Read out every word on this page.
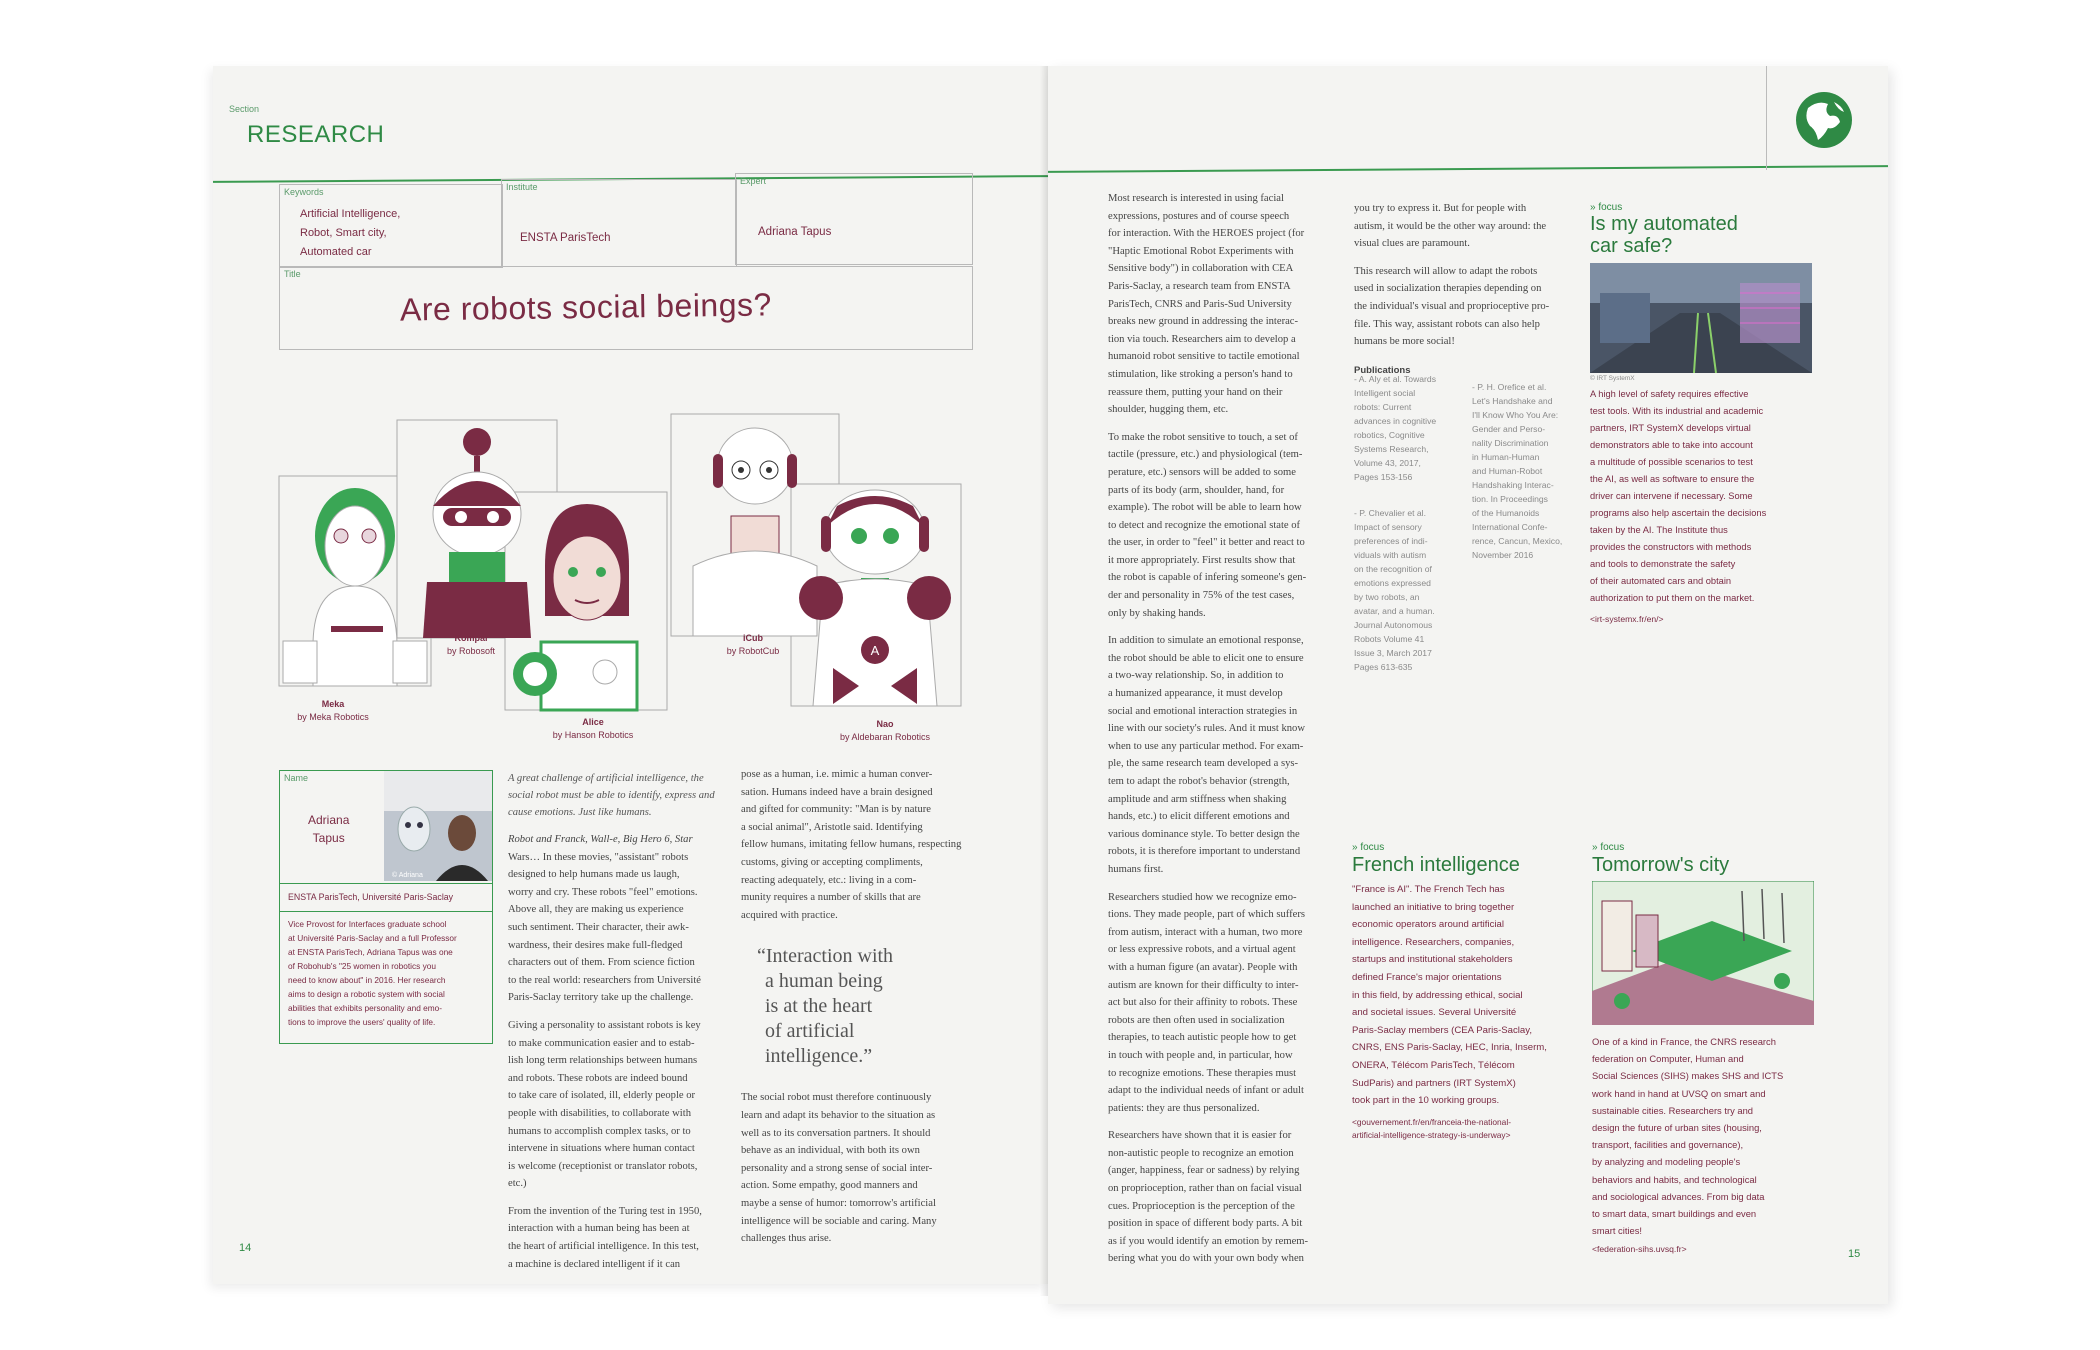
Section
RESEARCH
Keywords
Artificial Intelligence,
Robot, Smart city,
Automated car
Institute
ENSTA ParisTech
Expert
Adriana Tapus
Title
Are robots social beings?
A
Meka
by Meka Robotics
Kompai
by Robosoft
Alice
by Hanson Robotics
iCub
by RobotCub
Nao
by Aldebaran Robotics
Name
Adriana
Tapus
© Adriana
ENSTA ParisTech, Université Paris-Saclay
Vice Provost for Interfaces graduate school
at Université Paris-Saclay and a full Professor
at ENSTA ParisTech, Adriana Tapus was one
of Robohub's "25 women in robotics you
need to know about" in 2016. Her research
aims to design a robotic system with social
abilities that exhibits personality and emo-
tions to improve the users' quality of life.
A great challenge of artificial intelligence, the
social robot must be able to identify, express and
cause emotions. Just like humans.
Robot and Franck, Wall-e, Big Hero 6, Star
Wars… In these movies, "assistant" robots
designed to help humans made us laugh,
worry and cry. These robots "feel" emotions.
Above all, they are making us experience
such sentiment. Their character, their awk-
wardness, their desires make full-fledged
characters out of them. From science fiction
to the real world: researchers from Université
Paris-Saclay territory take up the challenge.
Giving a personality to assistant robots is key
to make communication easier and to estab-
lish long term relationships between humans
and robots. These robots are indeed bound
to take care of isolated, ill, elderly people or
people with disabilities, to collaborate with
humans to accomplish complex tasks, or to
intervene in situations where human contact
is welcome (receptionist or translator robots,
etc.)
From the invention of the Turing test in 1950,
interaction with a human being has been at
the heart of artificial intelligence. In this test,
a machine is declared intelligent if it can
pose as a human, i.e. mimic a human conver-
sation. Humans indeed have a brain designed
and gifted for community: "Man is by nature
a social animal", Aristotle said. Identifying
fellow humans, imitating fellow humans, respecting
customs, giving or accepting compliments,
reacting adequately, etc.: living in a com-
munity requires a number of skills that are
acquired with practice.
“Interaction with
a human being
is at the heart
of artificial
intelligence.”
The social robot must therefore continuously
learn and adapt its behavior to the situation as
well as to its conversation partners. It should
behave as an individual, with both its own
personality and a strong sense of social inter-
action. Some empathy, good manners and
maybe a sense of humor: tomorrow's artificial
intelligence will be sociable and caring. Many
challenges thus arise.
14
Most research is interested in using facial
expressions, postures and of course speech
for interaction. With the HEROES project (for
"Haptic Emotional Robot Experiments with
Sensitive body") in collaboration with CEA
Paris-Saclay, a research team from ENSTA
ParisTech, CNRS and Paris-Sud University
breaks new ground in addressing the interac-
tion via touch. Researchers aim to develop a
humanoid robot sensitive to tactile emotional
stimulation, like stroking a person's hand to
reassure them, putting your hand on their
shoulder, hugging them, etc.
To make the robot sensitive to touch, a set of
tactile (pressure, etc.) and physiological (tem-
perature, etc.) sensors will be added to some
parts of its body (arm, shoulder, hand, for
example). The robot will be able to learn how
to detect and recognize the emotional state of
the user, in order to "feel" it better and react to
it more appropriately. First results show that
the robot is capable of infering someone's gen-
der and personality in 75% of the test cases,
only by shaking hands.
In addition to simulate an emotional response,
the robot should be able to elicit one to ensure
a two-way relationship. So, in addition to
a humanized appearance, it must develop
social and emotional interaction strategies in
line with our society's rules. And it must know
when to use any particular method. For exam-
ple, the same research team developed a sys-
tem to adapt the robot's behavior (strength,
amplitude and arm stiffness when shaking
hands, etc.) to elicit different emotions and
various dominance style. To better design the
robots, it is therefore important to understand
humans first.
Researchers studied how we recognize emo-
tions. They made people, part of which suffers
from autism, interact with a human, two more
or less expressive robots, and a virtual agent
with a human figure (an avatar). People with
autism are known for their difficulty to inter-
act but also for their affinity to robots. These
robots are then often used in socialization
therapies, to teach autistic people how to get
in touch with people and, in particular, how
to recognize emotions. These therapies must
adapt to the individual needs of infant or adult
patients: they are thus personalized.
Researchers have shown that it is easier for
non-autistic people to recognize an emotion
(anger, happiness, fear or sadness) by relying
on proprioception, rather than on facial visual
cues. Proprioception is the perception of the
position in space of different body parts. A bit
as if you would identify an emotion by remem-
bering what you do with your own body when
you try to express it. But for people with
autism, it would be the other way around: the
visual clues are paramount.
This research will allow to adapt the robots
used in socialization therapies depending on
the individual's visual and proprioceptive pro-
file. This way, assistant robots can also help
humans be more social!
Publications
- A. Aly et al. Towards
Intelligent social
robots: Current
advances in cognitive
robotics, Cognitive
Systems Research,
Volume 43, 2017,
Pages 153-156
- P. Chevalier et al.
Impact of sensory
preferences of indi-
viduals with autism
on the recognition of
emotions expressed
by two robots, an
avatar, and a human.
Journal Autonomous
Robots Volume 41
Issue 3, March 2017
Pages 613-635
- P. H. Orefice et al.
Let's Handshake and
I'll Know Who You Are:
Gender and Perso-
nality Discrimination
in Human-Human
and Human-Robot
Handshaking Interac-
tion. In Proceedings
of the Humanoids
International Confe-
rence, Cancun, Mexico,
November 2016
» focus
Is my automated
car safe?
© IRT SystemX
A high level of safety requires effective
test tools. With its industrial and academic
partners, IRT SystemX develops virtual
demonstrators able to take into account
a multitude of possible scenarios to test
the AI, as well as software to ensure the
driver can intervene if necessary. Some
programs also help ascertain the decisions
taken by the AI. The Institute thus
provides the constructors with methods
and tools to demonstrate the safety
of their automated cars and obtain
authorization to put them on the market.
<irt-systemx.fr/en/>
» focus
French intelligence
"France is AI". The French Tech has
launched an initiative to bring together
economic operators around artificial
intelligence. Researchers, companies,
startups and institutional stakeholders
defined France's major orientations
in this field, by addressing ethical, social
and societal issues. Several Université
Paris-Saclay members (CEA Paris-Saclay,
CNRS, ENS Paris-Saclay, HEC, Inria, Inserm,
ONERA, Télécom ParisTech, Télécom
SudParis) and partners (IRT SystemX)
took part in the 10 working groups.
<gouvernement.fr/en/franceia-the-national-
artificial-intelligence-strategy-is-underway>
» focus
Tomorrow's city
One of a kind in France, the CNRS research
federation on Computer, Human and
Social Sciences (SIHS) makes SHS and ICTS
work hand in hand at UVSQ on smart and
sustainable cities. Researchers try and
design the future of urban sites (housing,
transport, facilities and governance),
by analyzing and modeling people's
behaviors and habits, and technological
and sociological advances. From big data
to smart data, smart buildings and even
smart cities!
<federation-sihs.uvsq.fr>	15
